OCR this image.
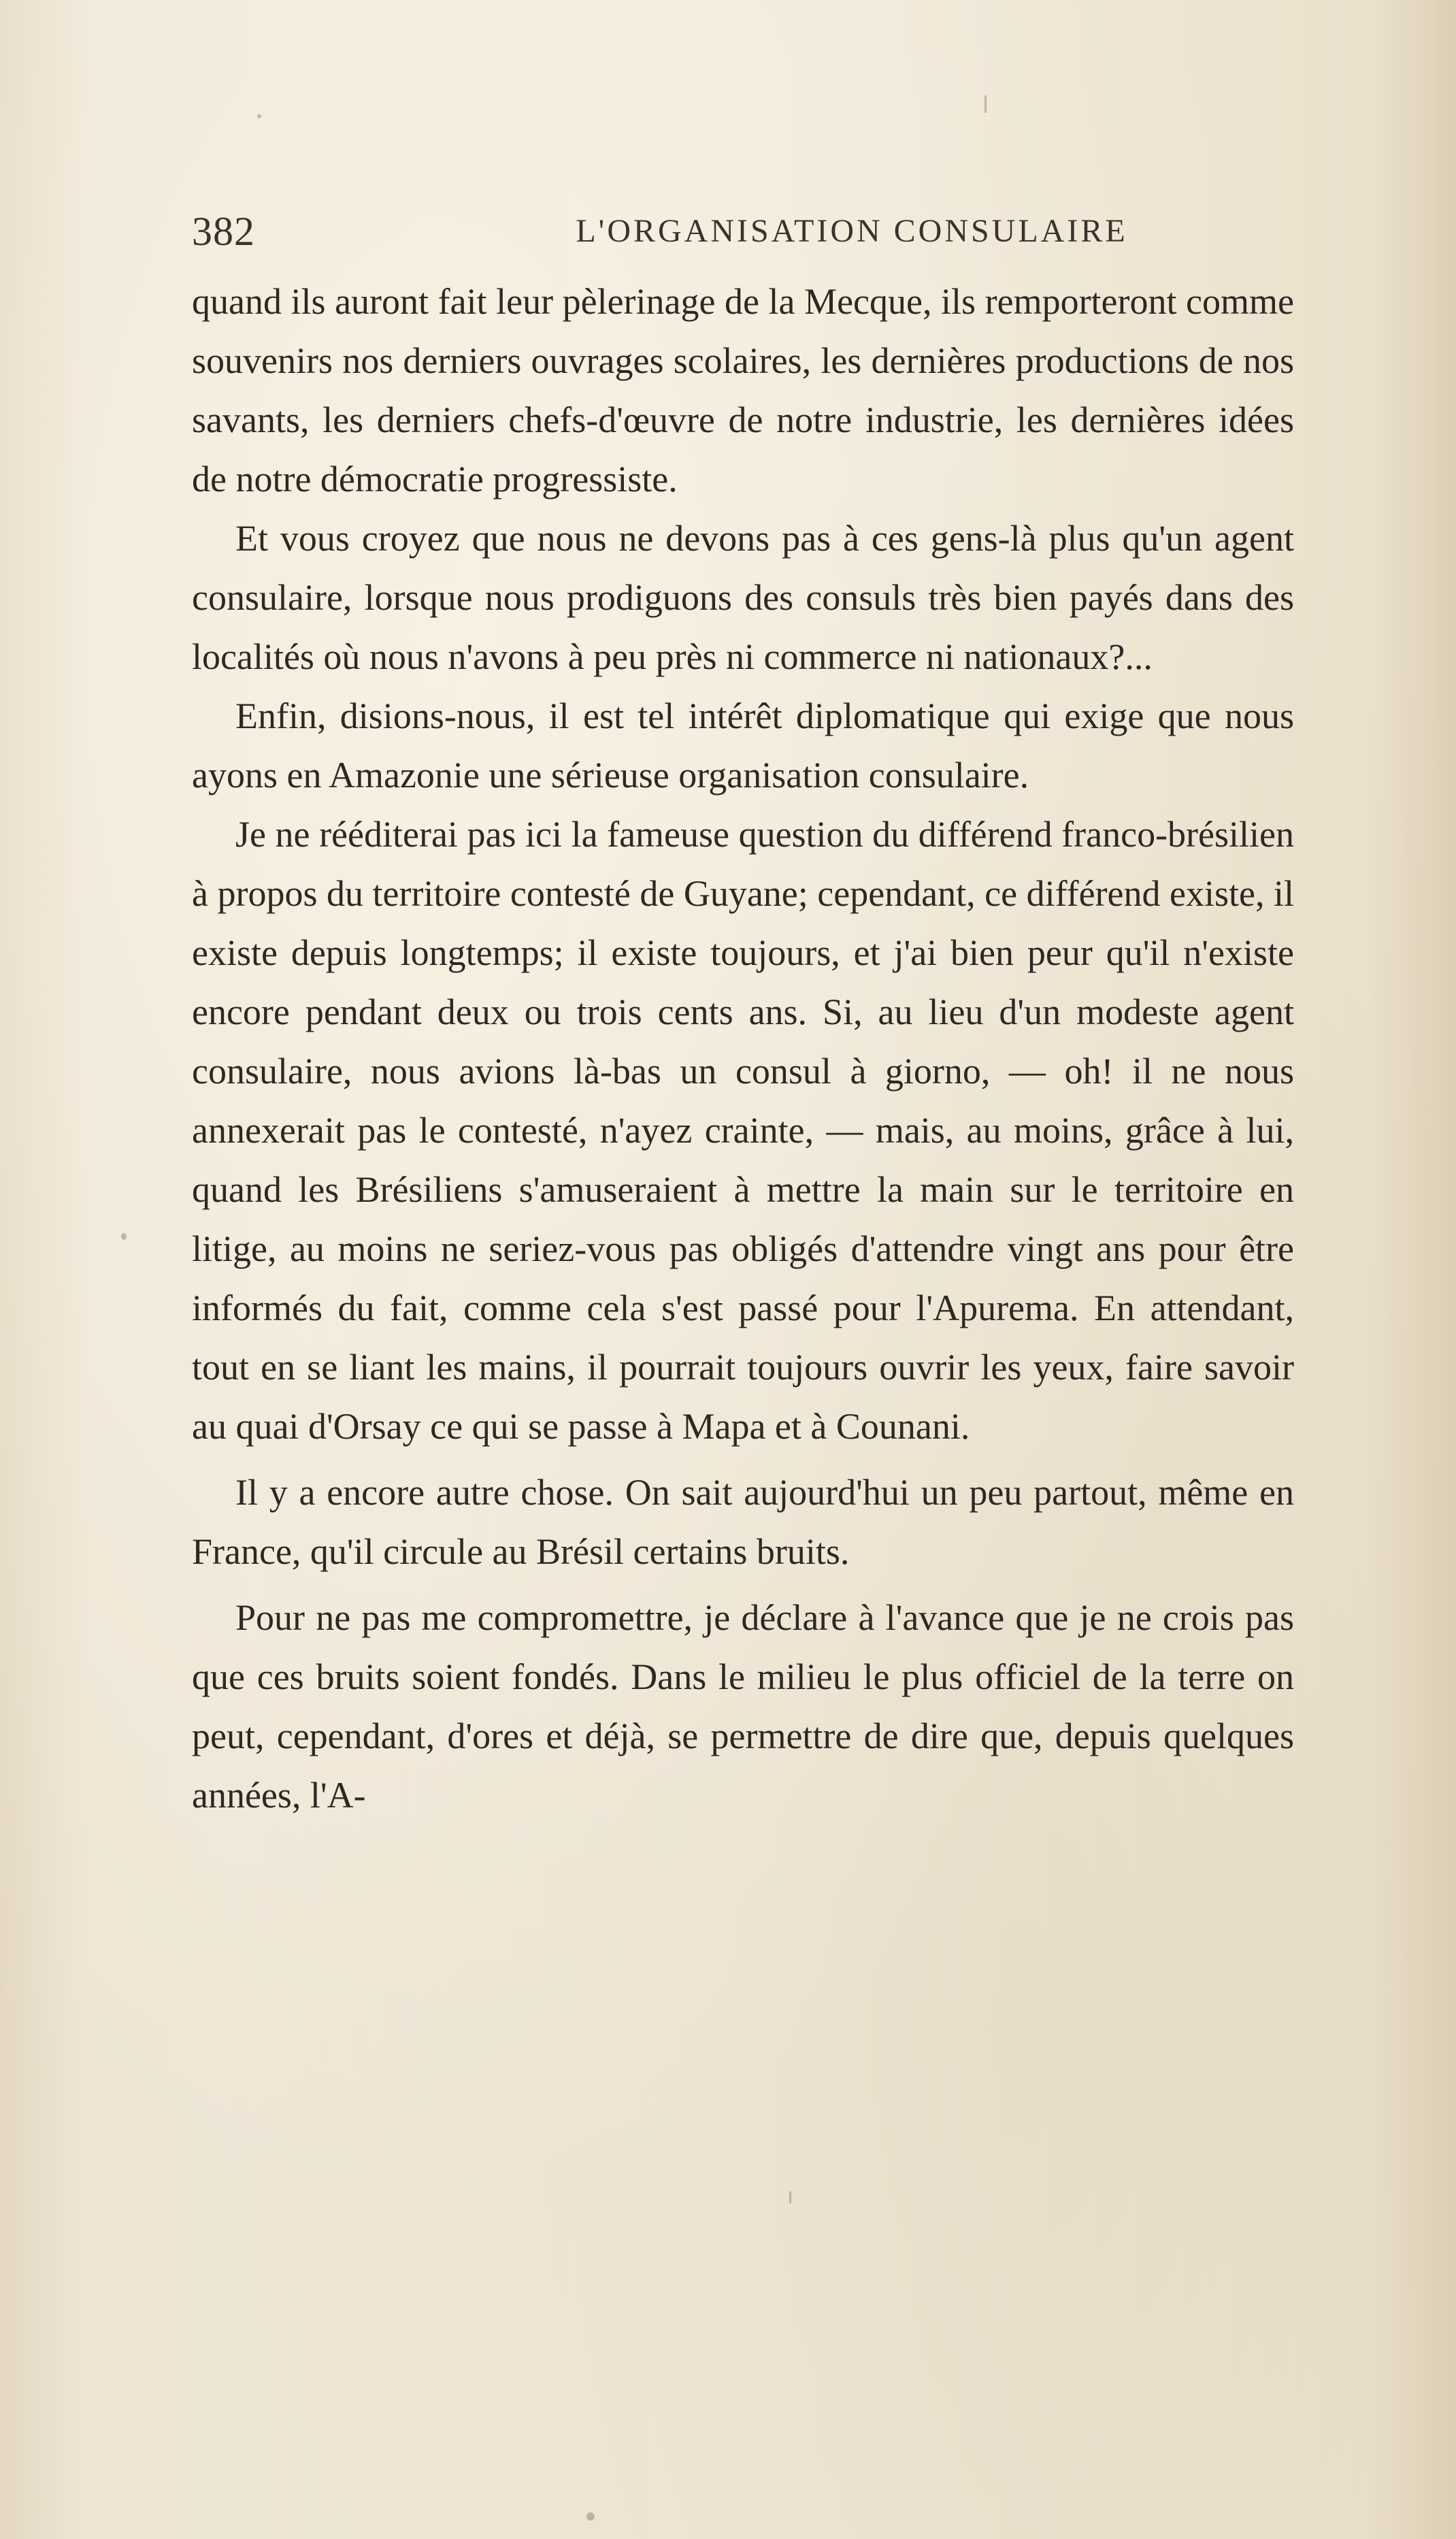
382	L'ORGANISATION CONSULAIRE

quand ils auront fait leur pèlerinage de la Mecque, ils remporteront comme souvenirs nos derniers ouvrages scolaires, les dernières productions de nos savants, les derniers chefs-d'œuvre de notre industrie, les dernières idées de notre démocratie progressiste.

Et vous croyez que nous ne devons pas à ces gens-là plus qu'un agent consulaire, lorsque nous prodiguons des consuls très bien payés dans des localités où nous n'avons à peu près ni commerce ni nationaux?...

Enfin, disions-nous, il est tel intérêt diplomatique qui exige que nous ayons en Amazonie une sérieuse organisation consulaire.

Je ne rééditerai pas ici la fameuse question du différend franco-brésilien à propos du territoire contesté de Guyane; cependant, ce différend existe, il existe depuis longtemps; il existe toujours, et j'ai bien peur qu'il n'existe encore pendant deux ou trois cents ans. Si, au lieu d'un modeste agent consulaire, nous avions là-bas un consul à giorno, — oh! il ne nous annexerait pas le contesté, n'ayez crainte, — mais, au moins, grâce à lui, quand les Brésiliens s'amuseraient à mettre la main sur le territoire en litige, au moins ne seriez-vous pas obligés d'attendre vingt ans pour être informés du fait, comme cela s'est passé pour l'Apurema. En attendant, tout en se liant les mains, il pourrait toujours ouvrir les yeux, faire savoir au quai d'Orsay ce qui se passe à Mapa et à Counani.

Il y a encore autre chose. On sait aujourd'hui un peu partout, même en France, qu'il circule au Brésil certains bruits.

Pour ne pas me compromettre, je déclare à l'avance que je ne crois pas que ces bruits soient fondés. Dans le milieu le plus officiel de la terre on peut, cependant, d'ores et déjà, se permettre de dire que, depuis quelques années, l'A-
